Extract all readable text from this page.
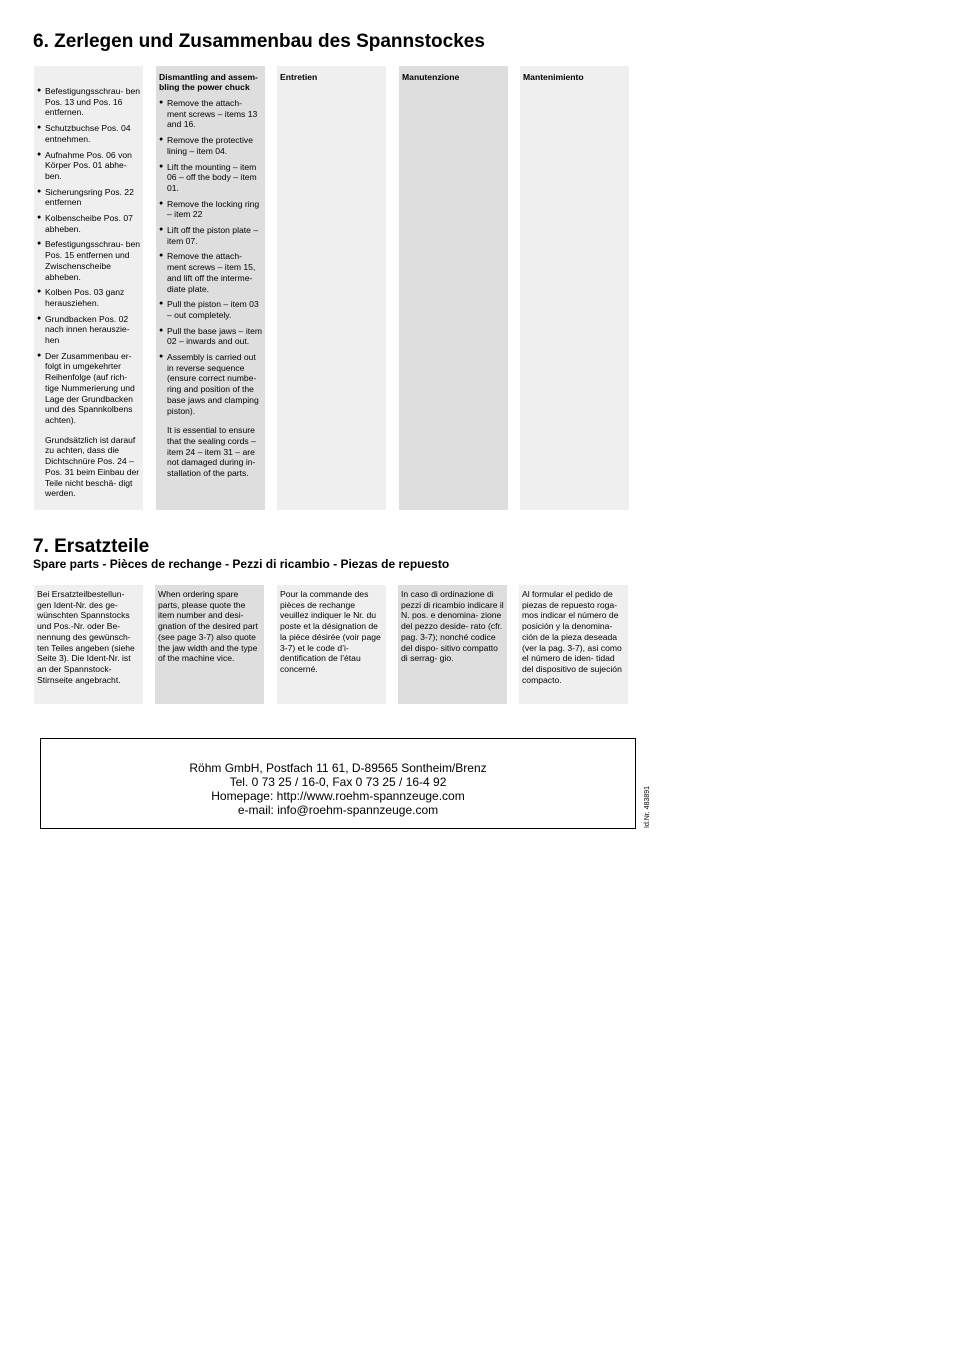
6. Zerlegen und Zusammenbau des Spannstockes
● Befestigungsschrau- ben Pos. 13 und Pos. 16 entfernen.
● Schutzbuchse Pos. 04 entnehmen.
● Aufnahme Pos. 06 von Körper Pos. 01 abhe- ben.
● Sicherungsring Pos. 22 entfernen
● Kolbenscheibe Pos. 07 abheben.
● Befestigungsschrau- ben Pos. 15 entfernen und Zwischenscheibe abheben.
● Kolben Pos. 03 ganz herausziehen.
● Grundbacken Pos. 02 nach innen herauszie- hen
● Der Zusammenbau er- folgt in umgekehrter Reihenfolge (auf rich- tige Nummerierung und Lage der Grundbacken und des Spannkolbens achten).
Grundsätzlich ist darauf zu achten, dass die Dichtschnüre Pos. 24 – Pos. 31 beim Einbau der Teile nicht beschä- digt werden.
Dismantling and assem- bling the power chuck
● Remove the attach- ment screws – items 13 and 16.
● Remove the protective lining – item 04.
● Lift the mounting – item 06 – off the body – item 01.
● Remove the locking ring – item 22
● Lift off the piston plate – item 07.
● Remove the attach- ment screws – item 15, and lift off the interme- diate plate.
● Pull the piston – item 03 – out completely.
● Pull the base jaws – item 02 – inwards and out.
● Assembly is carried out in reverse sequence (ensure correct numbe- ring and position of the base jaws and clamping piston).
It is essential to ensure that the sealing cords – item 24 – item 31 – are not damaged during in- stallation of the parts.
Entretien	Manutenzione	Mantenimiento
7. Ersatzteile

Spare parts - Pièces de rechange - Pezzi di ricambio - Piezas de repuesto

Bei Ersatzteilbestellun- gen Ident-Nr. des ge- wünschten Spannstocks und Pos.-Nr. oder Be- nennung des gewünsch- ten Teiles angeben (siehe Seite 3). Die Ident-Nr. ist an der Spannstock-Stirnseite angebracht.

When ordering spare parts, please quote the item number and desi- gnation of the desired part (see page 3-7) also quote the jaw width and the type of the machine vice.

Pour la commande des pièces de rechange veuillez indiquer le Nr. du poste et la désignation de la pièce désirée (voir page 3-7) et le code d’i- dentification de l’étau concerné.

In caso di ordinazione di pezzi di ricambio indicare il N. pos. e denomina- zione del pezzo deside- rato (cfr. pag. 3-7); nonché codice del dispo- sitivo compatto di serrag- gio.

Al formular el pedido de piezas de repuesto roga- mos indicar el número de posición y la denomina- ción de la pieza deseada (ver la pag. 3-7), asi como el número de iden- tidad del dispositivo de sujeción compacto.

Röhm GmbH, Postfach 11 61, D-89565 Sontheim/Brenz
Tel. 0 73 25 / 16-0, Fax 0 73 25 / 16-4 92
Homepage: http://www.roehm-spannzeuge.com
e-mail: info@roehm-spannzeuge.com	Id.Nr. 483891
